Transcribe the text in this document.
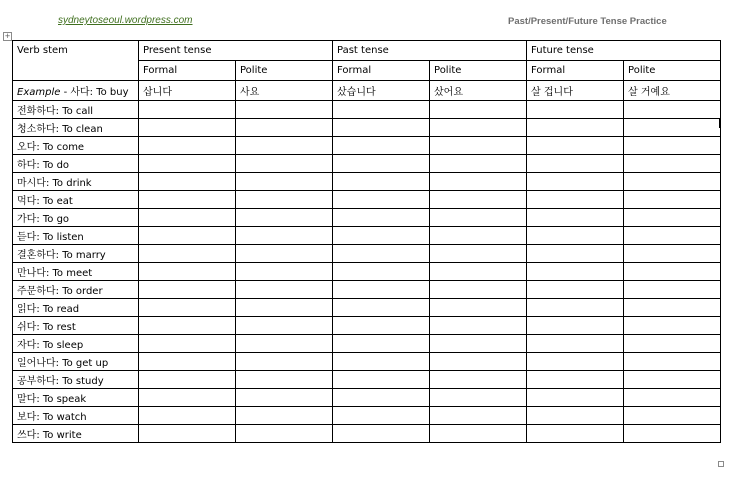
sydneytoseoul.wordpress.com	Past/Present/Future Tense Practice
+
Verb stem	Present tense		Past tense		Future tense	
	Formal	Polite	Formal	Polite	Formal	Polite
Example - 사다: To buy	삽니다	사요	샀습니다	샀어요	살 겁니다	살 거예요
전화하다: To call						
청소하다: To clean						
오다: To come						
하다: To do						
마시다: To drink						
먹다: To eat						
가다: To go						
듣다: To listen						
결혼하다: To marry						
만나다: To meet						
주문하다: To order						
읽다: To read						
쉬다: To rest						
자다: To sleep						
일어나다: To get up						
공부하다: To study						
말다: To speak						
보다: To watch						
쓰다: To write						
